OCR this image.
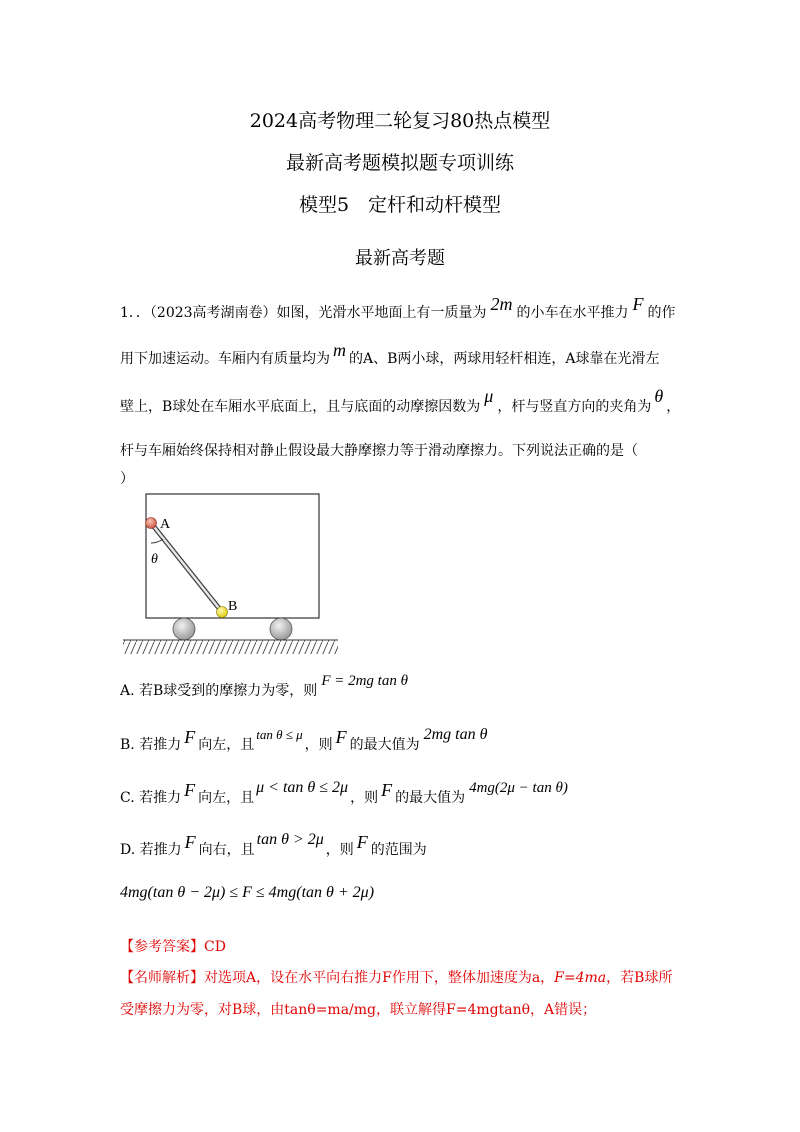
2024高考物理二轮复习80热点模型
最新高考题模拟题专项训练
模型5　定杆和动杆模型
最新高考题
1．．（2023高考湖南卷）如图，光滑水平地面上有一质量为 2m 的小车在水平推力 F 的作
用下加速运动。车厢内有质量均为 m 的A、B两小球，两球用轻杆相连，A球靠在光滑左
壁上，B球处在车厢水平底面上，且与底面的动摩擦因数为μ，杆与竖直方向的夹角为θ，
杆与车厢始终保持相对静止假设最大静摩擦力等于滑动摩擦力。下列说法正确的是（
）
A
B
θ
A. 若B球受到的摩擦力为零，则F = 2mg tan θ
B. 若推力 F 向左，且tan θ ≤ μ，则 F 的最大值为2mg tan θ
C. 若推力 F 向左，且μ < tan θ ≤ 2μ，则 F 的最大值为4mg(2μ − tan θ)
D. 若推力 F 向右，且tan θ > 2μ，则 F 的范围为
4mg(tan θ − 2μ) ≤ F ≤ 4mg(tan θ + 2μ)
【参考答案】CD
【名师解析】对选项A，设在水平向右推力F作用下，整体加速度为a，F=4ma，若B球所
受摩擦力为零，对B球，由tanθ=ma/mg，联立解得F=4mgtanθ，A错误；
